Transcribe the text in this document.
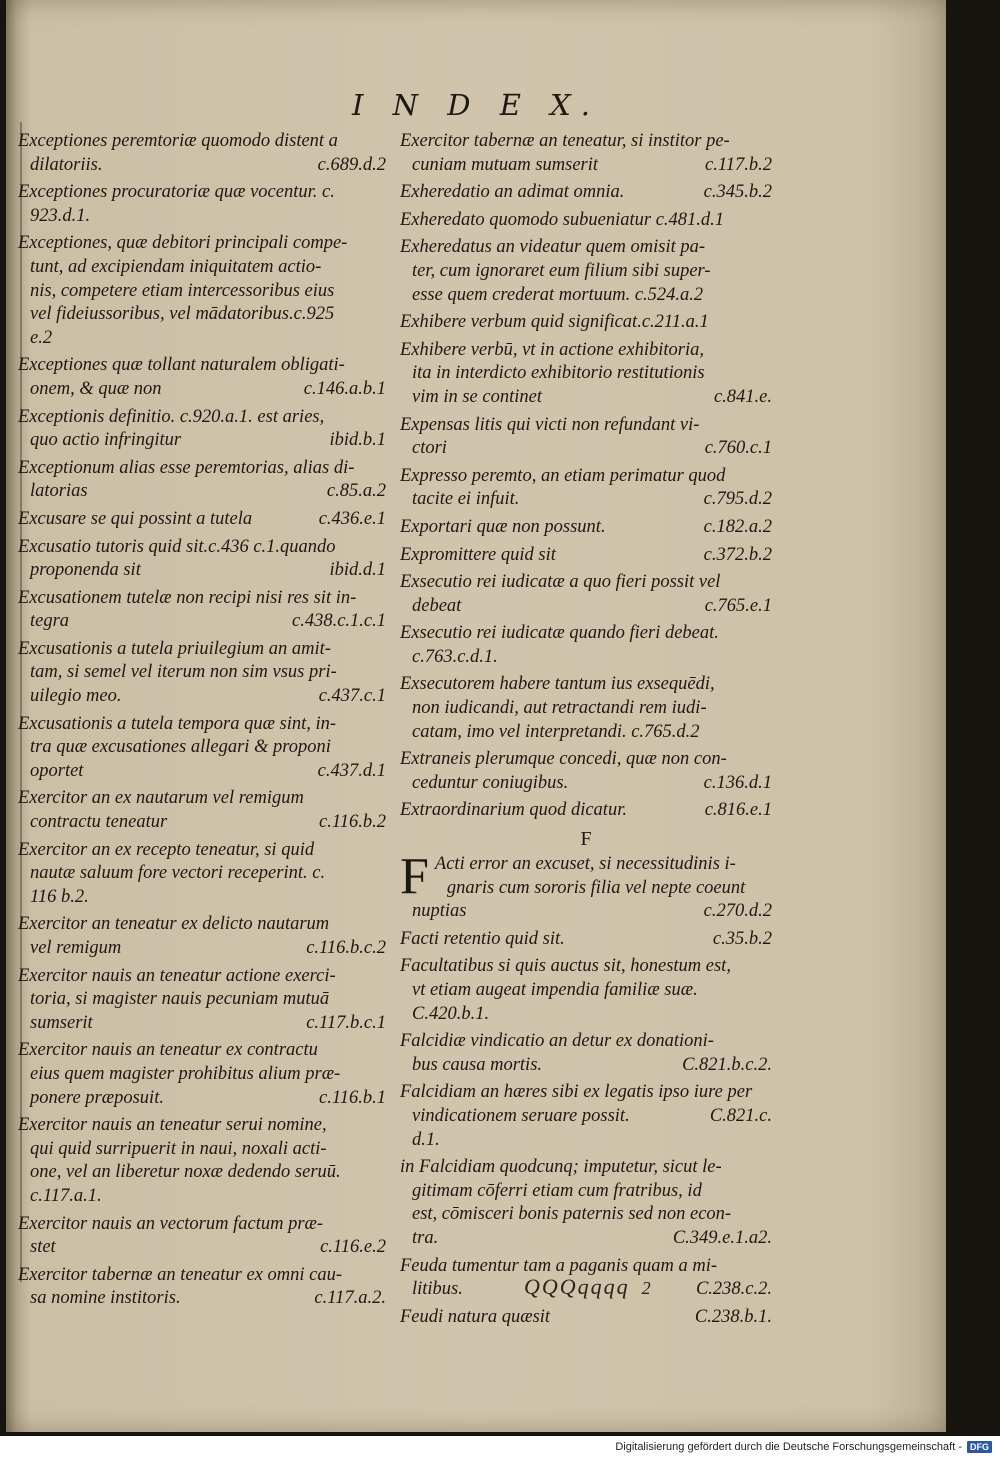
I N D E X.
Exceptiones peremtoriæ quomodo distent a
dilatoriis.	c.689.d.2
Exceptiones procuratoriæ quæ vocentur. c.
923.d.1.
Exceptiones, quæ debitori principali compe-
tunt, ad excipiendam iniquitatem actio-
nis, competere etiam intercessoribus eius
vel fideiussoribus, vel mādatoribus.c.925
e.2
Exceptiones quæ tollant naturalem obligati-
onem, & quæ non	c.146.a.b.1
Exceptionis definitio. c.920.a.1. est aries,
quo actio infringitur	ibid.b.1
Exceptionum alias esse peremtorias, alias di-
latorias	c.85.a.2
Excusare se qui possint a tutela	c.436.e.1
Excusatio tutoris quid sit.c.436 c.1.quando
proponenda sit	ibid.d.1
Excusationem tutelæ non recipi nisi res sit in-
tegra	c.438.c.1.c.1
Excusationis a tutela priuilegium an amit-
tam, si semel vel iterum non sim vsus pri-
uilegio meo.	c.437.c.1
Excusationis a tutela tempora quæ sint, in-
tra quæ excusationes allegari & proponi
oportet	c.437.d.1
Exercitor an ex nautarum vel remigum
contractu teneatur	c.116.b.2
Exercitor an ex recepto teneatur, si quid
nautæ saluum fore vectori receperint. c.
116 b.2.
Exercitor an teneatur ex delicto nautarum
vel remigum	c.116.b.c.2
Exercitor nauis an teneatur actione exerci-
toria, si magister nauis pecuniam mutuā
sumserit	c.117.b.c.1
Exercitor nauis an teneatur ex contractu
eius quem magister prohibitus alium præ-
ponere præposuit.	c.116.b.1
Exercitor nauis an teneatur serui nomine,
qui quid surripuerit in naui, noxali acti-
one, vel an liberetur noxæ dedendo seruū.
c.117.a.1.
Exercitor nauis an vectorum factum præ-
stet	c.116.e.2
Exercitor tabernæ an teneatur ex omni cau-
sa nomine institoris.	c.117.a.2.
Exercitor tabernæ an teneatur, si institor pe-
cuniam mutuam sumserit	c.117.b.2
Exheredatio an adimat omnia.	c.345.b.2
Exheredato quomodo subueniatur c.481.d.1
Exheredatus an videatur quem omisit pa-
ter, cum ignoraret eum filium sibi super-
esse quem crederat mortuum. c.524.a.2
Exhibere verbum quid significat.c.211.a.1
Exhibere verbū, vt in actione exhibitoria,
ita in interdicto exhibitorio restitutionis
vim in se continet	c.841.e.
Expensas litis qui victi non refundant vi-
ctori	c.760.c.1
Expresso peremto, an etiam perimatur quod
tacite ei infuit.	c.795.d.2
Exportari quæ non possunt.	c.182.a.2
Expromittere quid sit	c.372.b.2
Exsecutio rei iudicatæ a quo fieri possit vel
debeat	c.765.e.1
Exsecutio rei iudicatæ quando fieri debeat.
c.763.c.d.1.
Exsecutorem habere tantum ius exsequēdi,
non iudicandi, aut retractandi rem iudi-
catam, imo vel interpretandi. c.765.d.2
Extraneis plerumque concedi, quæ non con-
ceduntur coniugibus.	c.136.d.1
Extraordinarium quod dicatur.	c.816.e.1
F
F Acti error an excuset, si necessitudinis i-
gnaris cum sororis filia vel nepte coeunt
nuptias	c.270.d.2
Facti retentio quid sit.	c.35.b.2
Facultatibus si quis auctus sit, honestum est,
vt etiam augeat impendia familiæ suæ.
C.420.b.1.
Falcidiæ vindicatio an detur ex donationi-
bus causa mortis.	C.821.b.c.2.
Falcidiam an hæres sibi ex legatis ipso iure per
vindicationem seruare possit.	C.821.c.
d.1.
in Falcidiam quodcunq; imputetur, sicut le-
gitimam cōferri etiam cum fratribus, id
est, cōmisceri bonis paternis sed non econ-
tra.	C.349.e.1.a2.
Feuda tumentur tam a paganis quam a mi-
litibus.	C.238.c.2.
Feudi natura quæsit	C.238.b.1.
QQQqqqq 2
Digitalisierung gefördert durch die Deutsche Forschungsgemeinschaft - DFG
